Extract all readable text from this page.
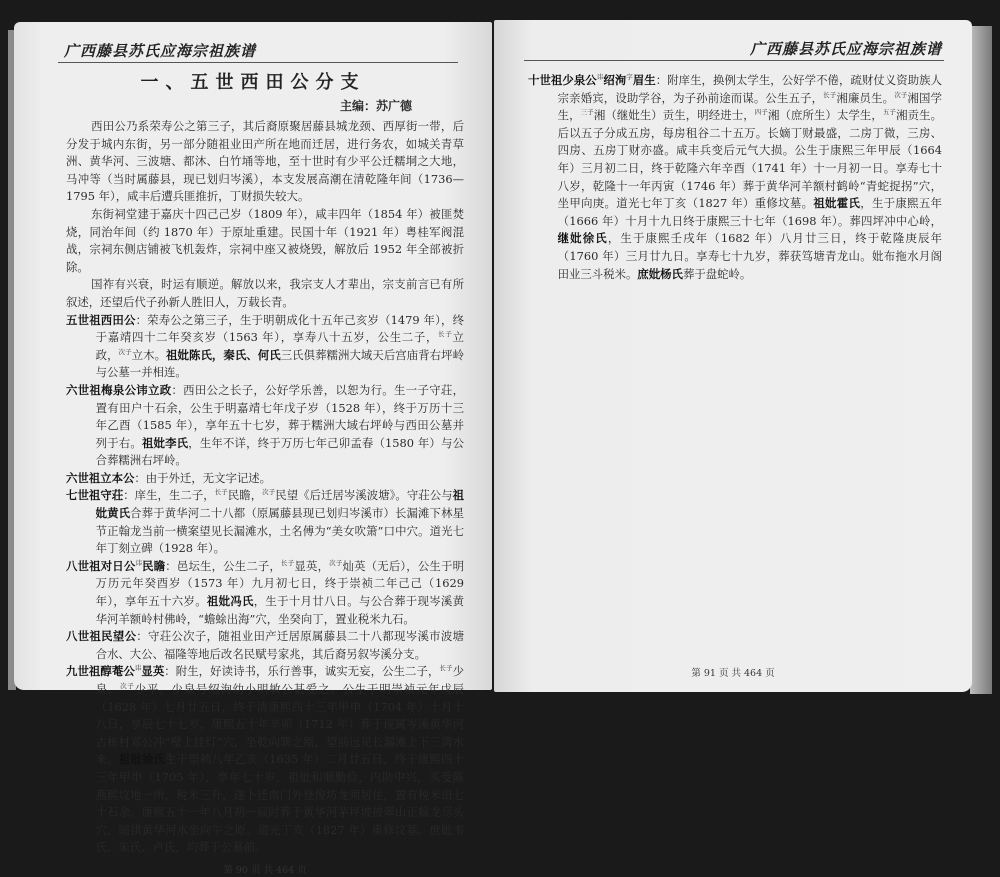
广西藤县苏氏应海宗祖族谱
一、五世西田公分支
主编：苏广德

西田公乃系荣寿公之第三子，其后裔原聚居藤县城龙颈、西厚街一带，后分发于城内东街，另一部分随祖业田产所在地而迁居，进行务农，如城关青草洲、黄华河、三波塘、都沐、白竹埇等地，至十世时有少平公迁糯垌之大地，马冲等（当时属藤县，现已划归岑溪），本支发展高潮在清乾隆年间（1736—1795 年），咸丰后遭兵匪推折，丁财损失较大。

东街祠堂建于嘉庆十四己己岁（1809 年），咸丰四年（1854 年）被匪焚烧，同治年间（约 1870 年）于原址重建。民国十年（1921 年）粤桂军阀混战，宗祠东侧店铺被飞机轰炸，宗祠中座又被烧毁，解放后 1952 年全部被折除。

国祚有兴衰，时运有顺逆。解放以来，我宗支人才辈出，宗支前言已有所叙述，还望后代子孙新人胜旧人，万载长青。

五世祖西田公：荣寿公之第三子，生于明朝成化十五年己亥岁（1479 年），终于嘉靖四十二年癸亥岁（1563 年），享寿八十五岁，公生二子，$^{长子}$立政，$^{次子}$立木。祖妣陈氏，秦氏、何氏三氏俱葬糯洲大域天后宫庙背右坪岭与公墓一并相连。

六世祖梅泉公讳立政：西田公之长子，公好学乐善，以恕为行。生一子守荘，置有田户十石余，公生于明嘉靖七年戊子岁（1528 年），终于万历十三年乙酉（1585 年），享年五十七岁，葬于糯洲大域右坪岭与西田公墓并列于右。祖妣李氏，生年不详，终于万历七年己卯孟春（1580 年）与公合葬糯洲右坪岭。

六世祖立本公：由于外迁，无文字记述。

七世祖守荘：庠生，生二子，$^{长子}$民瞻，$^{次子}$民望《后迁居岑溪波塘》。守荘公与祖妣黄氏合葬于黄华河二十八都（原属藤县现已划归岑溪市）长漏滩下林星节正翰龙当前一横案望见长漏滩水，土名傅为“美女吹箫”口中穴。道光七年丁刻立碑（1928 年）。

八世祖对日公$^讳$民瞻：邑坛生，公生二子，$^{长子}$显英，$^{次子}$灿英（无后），公生于明万历元年癸酉岁（1573 年）九月初七日，终于崇祯二年己己（1629 年），享年五十六岁。祖妣冯氏，生于十月廿八日。与公合葬于现岑溪黄华河羊额岭村佛岭，“蟾蜍出海”穴，坐癸向丁，置业税米九石。

八世祖民望公：守荘公次子，随祖业田产迁居原属藤县二十八都现岑溪市波塘合水、大公、福隆等地后改名民赋号家兆，其后裔另叙岑溪分支。

九世祖醇菴公$^讳$显英：附生，好读诗书，乐行善事，诚实无妄，公生二子，$^{长子}$少泉，$^{次子}$少平。少泉号绍洵幼小明敏公甚爱之。公生于明崇祯元年戊辰（1628 年）七月廿五日，终于清康熙四十三年甲申（1704 年）十月十八日，享辰七十七岁，康熙五十年辛卯（1712 年）葬于现属岑溪黄华河古栋村邓公冲“壁上挂灯”穴，坐乾向巽之原，望前远见长漏滩上下三湾水来。祖妣徐氏生于崇祯八年乙亥（1635 年）二月廿五日，终于康熙四十三年甲申（1705 年），享年七十岁，祖妣和顺勤俭，内助中兴，买受陈燕熙坟地一所，税米三升，遂卜迁南门外登俊坊龙须居住，置有税米田七十石余。康熙五十一年八月初一辰时葬于黄华河茅坪坡披翠山正翰龙尽头穴，暗拱黄华河水坐向午之原。道光丁亥（1827 年）重修坟基。庶妣韦氏、朱氏、卢氏，均葬于公墓前。

第 90 页 共 464 页
广西藤县苏氏应海宗祖族谱

十世祖少泉公$^讳$绍洵$^字$眉生：附庠生，换例太学生，公好学不倦，疏财仗义资助族人宗亲婚宾，设助学谷，为子孙前途而谋。公生五子，$^{长子}$湘廉员生。$^{次子}$湘国学生，$^{三子}$湘（继妣生）贡生，明经进士，$^{四子}$湘（庶所生）太学生，$^{五子}$湘贡生。后以五子分成五房，每房租谷二十五万。长嫡丁财最盛，二房丁微，三房、四房、五房丁财亦盛。咸丰兵变后元气大损。公生于康熙三年甲辰（1664 年）三月初二日，终于乾隆六年辛酉（1741 年）十一月初一日。享寿七十八岁，乾隆十一年丙寅（1746 年）葬于黄华河羊额村鹤岭“青蛇捉拐”穴，坐甲向庚。道光七年丁亥（1827 年）重修坟墓。祖妣霍氏，生于康熙五年（1666 年）十月十九日终于康熙三十七年（1698 年）。葬四坪冲中心岭，继妣徐氏，生于康熙壬戌年（1682 年）八月廿三日，终于乾隆庚辰年（1760 年）三月廿九日。享寿七十九岁，葬获笃塘青龙山。妣布拖水月阁田业三斗税米。庶妣杨氏葬于盘蛇岭。

第 91 页 共 464 页
